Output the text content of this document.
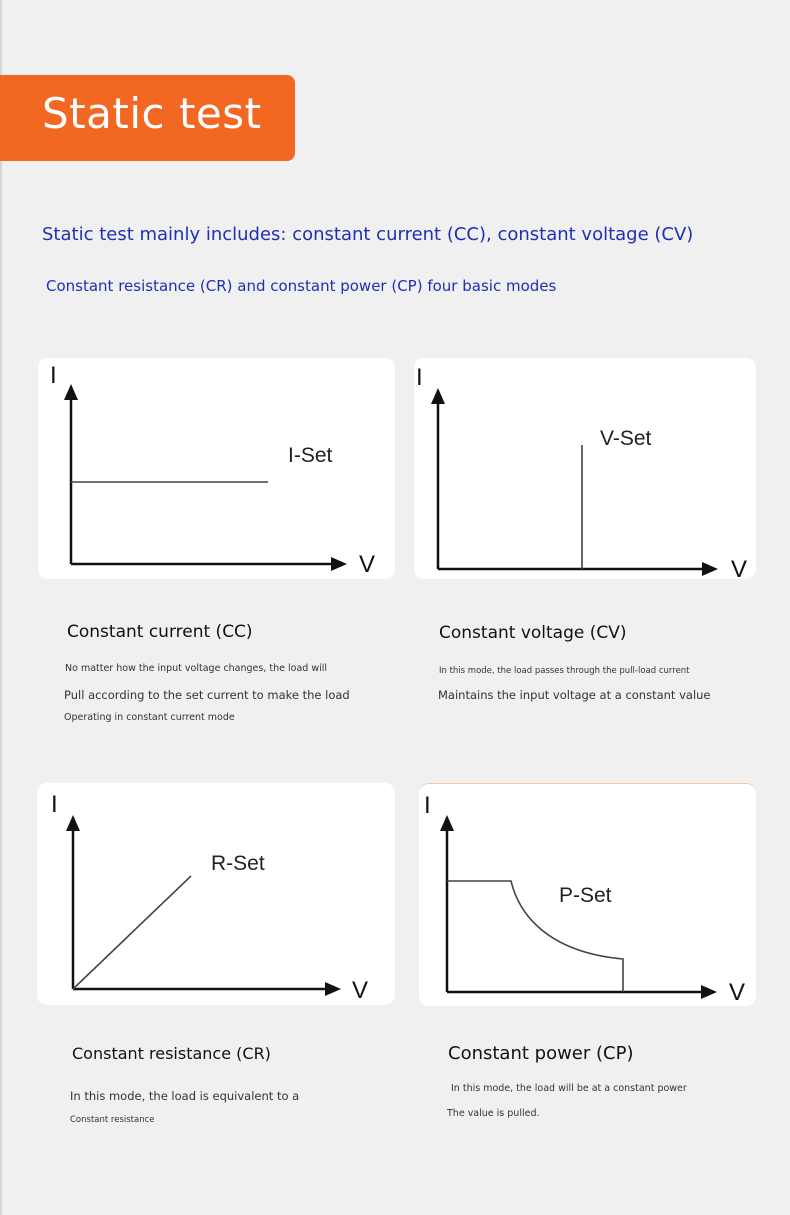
Static test
Static test mainly includes: constant current (CC), constant voltage (CV)
Constant resistance (CR) and constant power (CP) four basic modes
I
V
I-Set
I
V
V-Set
Constant current (CC)
No matter how the input voltage changes, the load will
Pull according to the set current to make the load
Operating in constant current mode
Constant voltage (CV)
In this mode, the load passes through the pull-load current
Maintains the input voltage at a constant value
I
V
R-Set
I
V
P-Set
Constant resistance (CR)
In this mode, the load is equivalent to a
Constant resistance
Constant power (CP)
In this mode, the load will be at a constant power
The value is pulled.
